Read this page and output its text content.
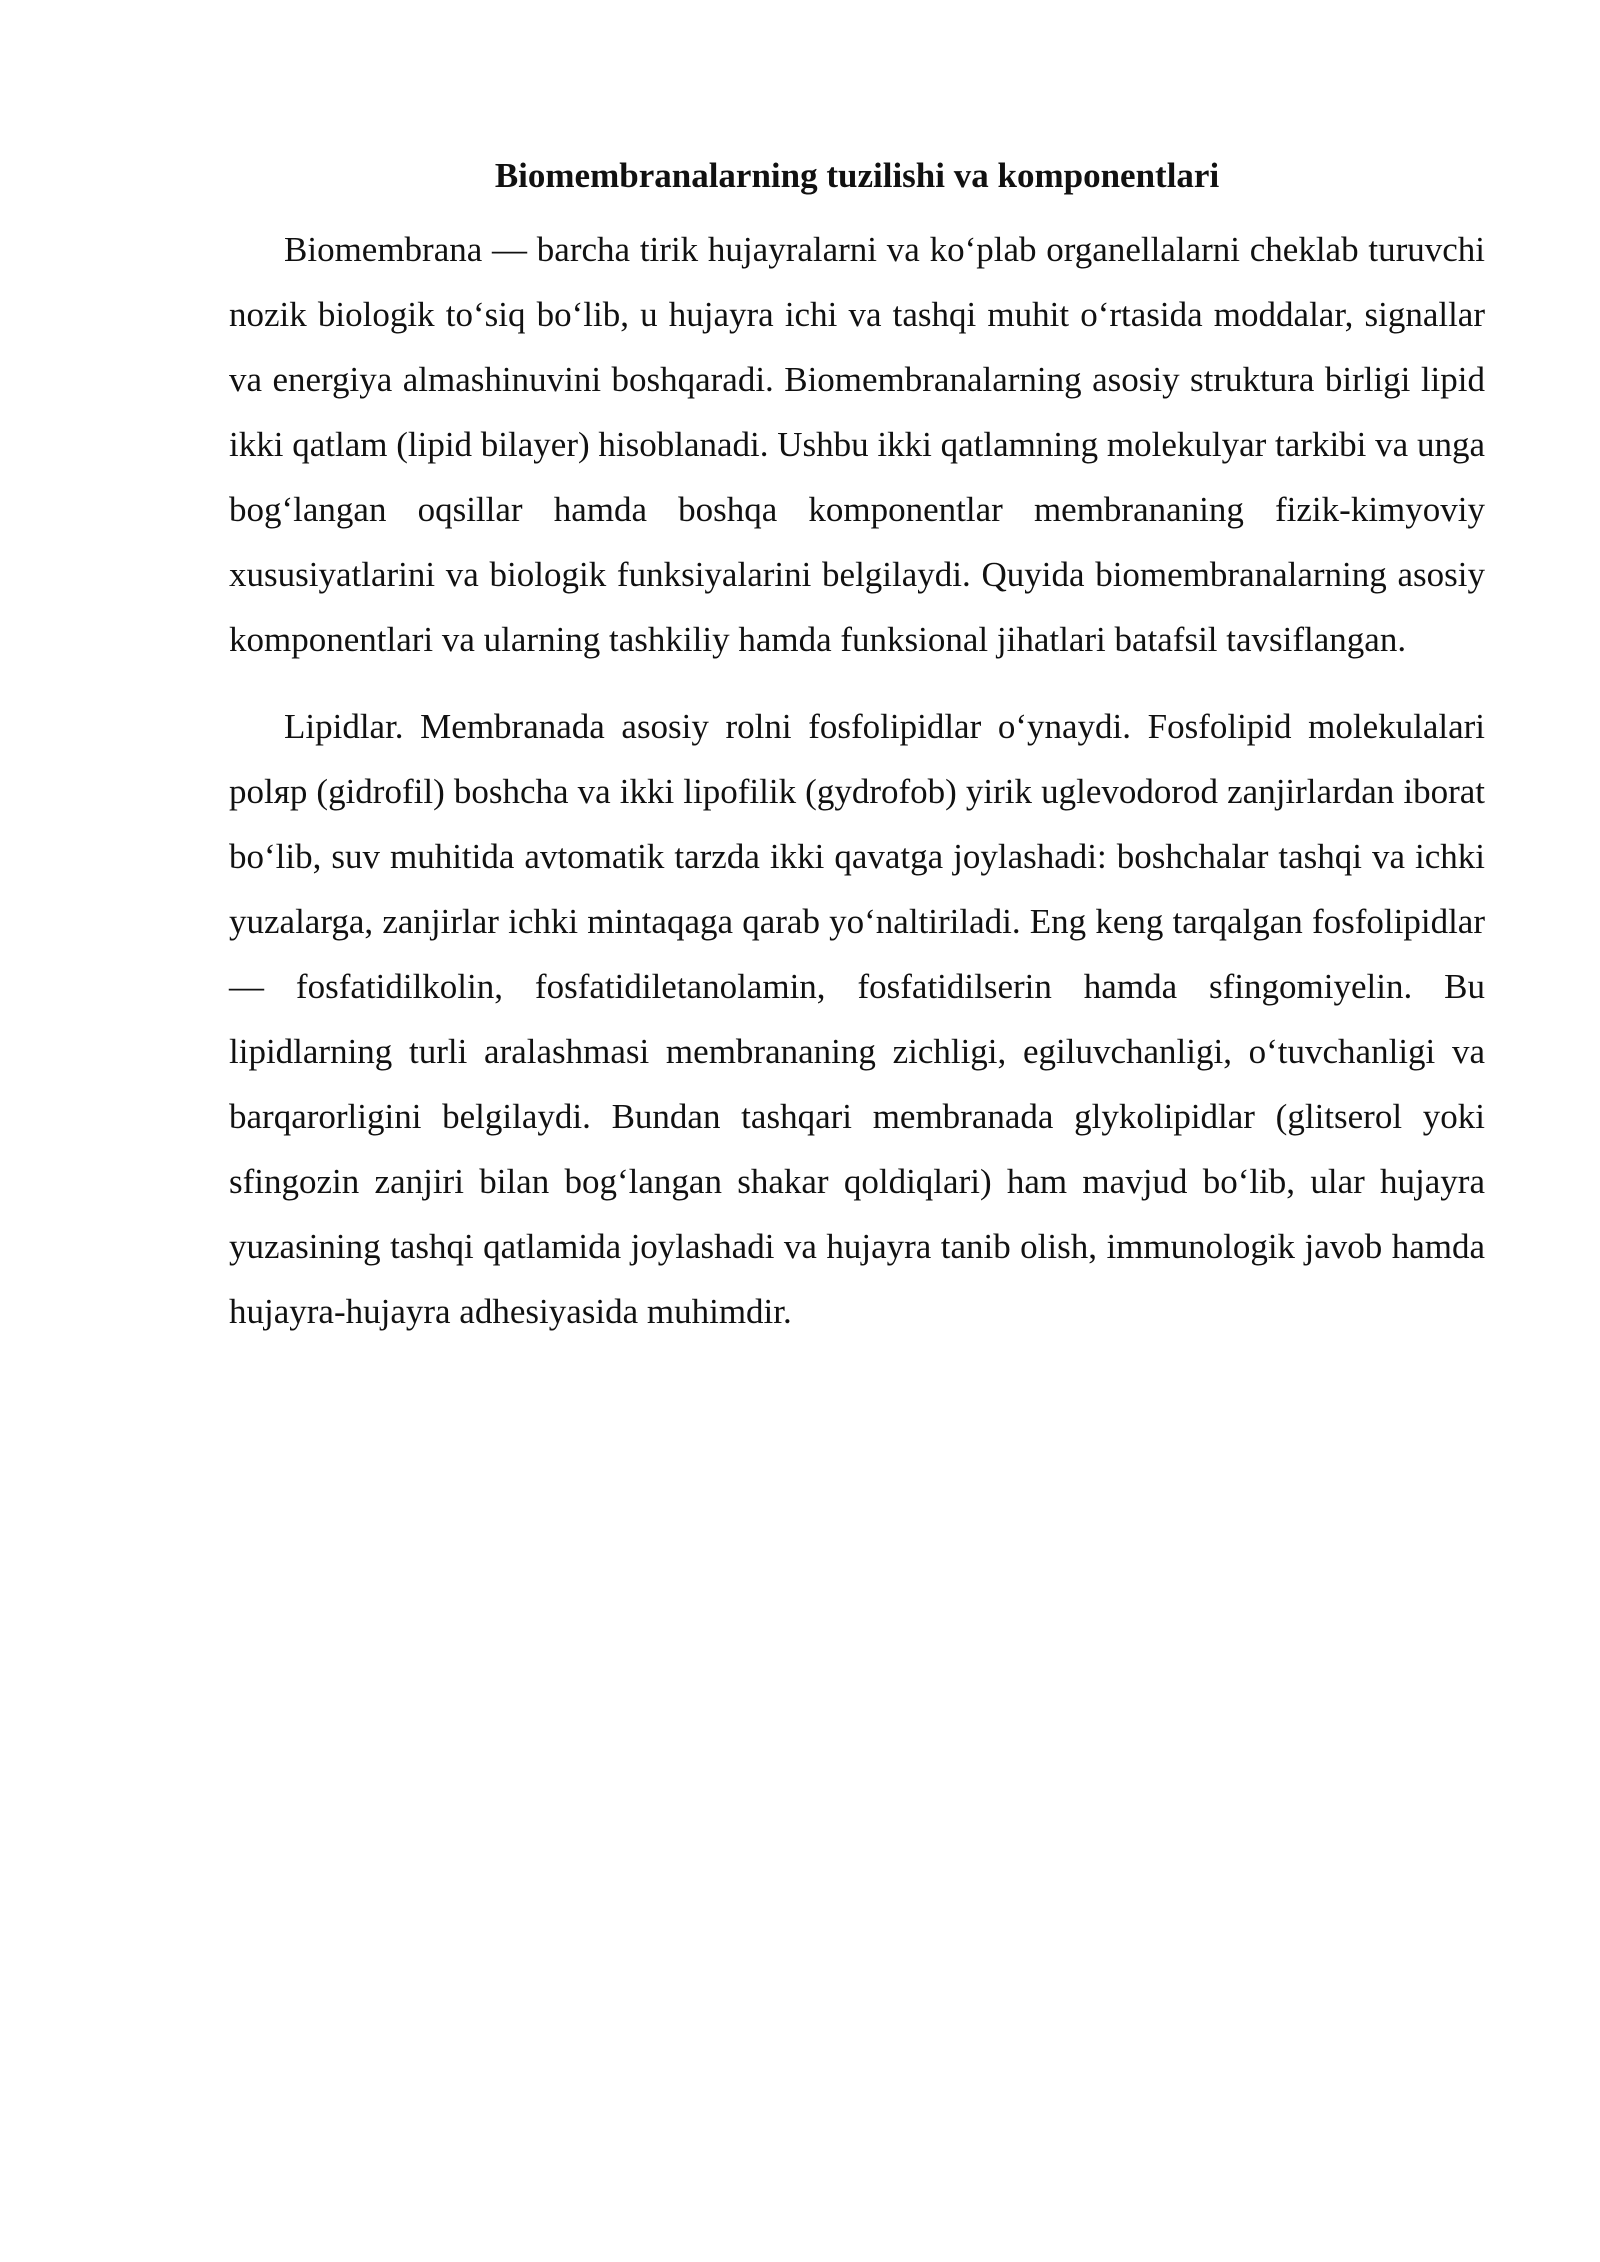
Biomembranalarning tuzilishi va komponentlari

Biomembrana — barcha tirik hujayralarni va ko‘plab organellalarni cheklab turuvchi nozik biologik to‘siq bo‘lib, u hujayra ichi va tashqi muhit o‘rtasida moddalar, signallar va energiya almashinuvini boshqaradi. Biomembranalarning asosiy struktura birligi lipid ikki qatlam (lipid bilayer) hisoblanadi. Ushbu ikki qatlamning molekulyar tarkibi va unga bog‘langan oqsillar hamda boshqa komponentlar membrananing fizik-kimyoviy xususiyatlarini va biologik funksiyalarini belgilaydi. Quyida biomembranalarning asosiy komponentlari va ularning tashkiliy hamda funksional jihatlari batafsil tavsiflangan.

Lipidlar. Membranada asosiy rolni fosfolipidlar o‘ynaydi. Fosfolipid molekulalari polяр (gidrofil) boshcha va ikki lipofilik (gydrofob) yirik uglevodorod zanjirlardan iborat bo‘lib, suv muhitida avtomatik tarzda ikki qavatga joylashadi: boshchalar tashqi va ichki yuzalarga, zanjirlar ichki mintaqaga qarab yo‘naltiriladi. Eng keng tarqalgan fosfolipidlar — fosfatidilkolin, fosfatidiletanolamin, fosfatidilserin hamda sfingomiyelin. Bu lipidlarning turli aralashmasi membrananing zichligi, egiluvchanligi, o‘tuvchanligi va barqarorligini belgilaydi. Bundan tashqari membranada glykolipidlar (glitserol yoki sfingozin zanjiri bilan bog‘langan shakar qoldiqlari) ham mavjud bo‘lib, ular hujayra yuzasining tashqi qatlamida joylashadi va hujayra tanib olish, immunologik javob hamda hujayra-hujayra adhesiyasida muhimdir.
